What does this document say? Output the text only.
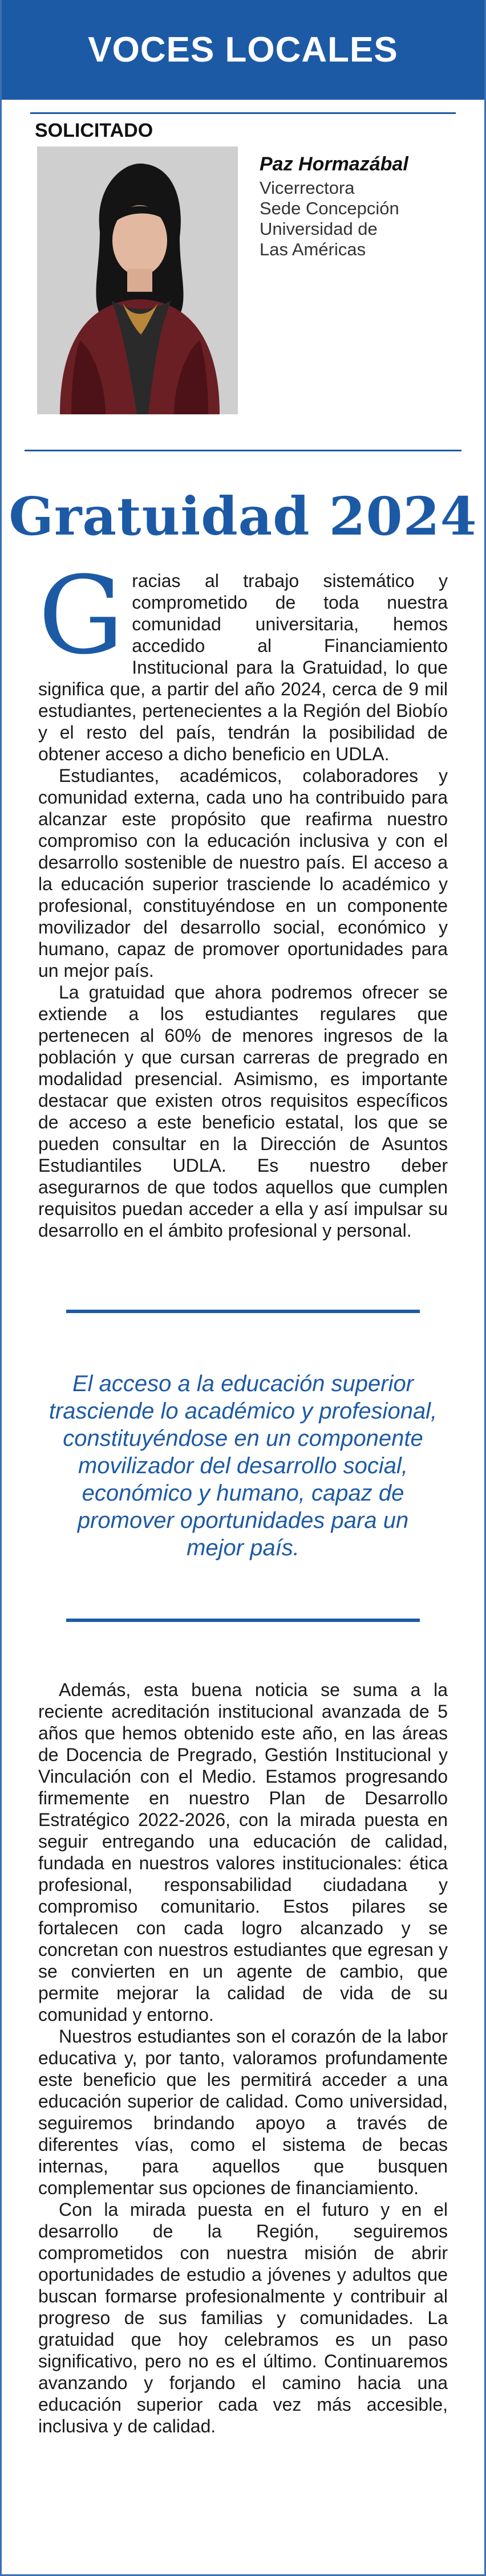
VOCES LOCALES
SOLICITADO
Paz Hormazábal
Vicerrectora
Sede Concepción
Universidad de
Las Américas
Gratuidad 2024

Gracias al trabajo sistemático y comprometido de toda nuestra comunidad universitaria, hemos accedido al Financiamiento Institucional para la Gratuidad, lo que significa que, a partir del año 2024, cerca de 9 mil estudiantes, pertenecientes a la Región del Biobío y el resto del país, tendrán la posibilidad de obtener acceso a dicho beneficio en UDLA.

Estudiantes, académicos, colaboradores y comunidad externa, cada uno ha contribuido para alcanzar este propósito que reafirma nuestro compromiso con la educación inclusiva y con el desarrollo sostenible de nuestro país. El acceso a la educación superior trasciende lo académico y profesional, constituyéndose en un componente movilizador del desarrollo social, económico y humano, capaz de promover oportunidades para un mejor país.

La gratuidad que ahora podremos ofrecer se extiende a los estudiantes regulares que pertenecen al 60% de menores ingresos de la población y que cursan carreras de pregrado en modalidad presencial. Asimismo, es importante destacar que existen otros requisitos específicos de acceso a este beneficio estatal, los que se pueden consultar en la Dirección de Asuntos Estudiantiles UDLA. Es nuestro deber asegurarnos de que todos aquellos que cumplen requisitos puedan acceder a ella y así impulsar su desarrollo en el ámbito profesional y personal.

El acceso a la educación superior trasciende lo académico y profesional, constituyéndose en un componente movilizador del desarrollo social, económico y humano, capaz de promover oportunidades para un mejor país.

Además, esta buena noticia se suma a la reciente acreditación institucional avanzada de 5 años que hemos obtenido este año, en las áreas de Docencia de Pregrado, Gestión Institucional y Vinculación con el Medio. Estamos progresando firmemente en nuestro Plan de Desarrollo Estratégico 2022-2026, con la mirada puesta en seguir entregando una educación de calidad, fundada en nuestros valores institucionales: ética profesional, responsabilidad ciudadana y compromiso comunitario. Estos pilares se fortalecen con cada logro alcanzado y se concretan con nuestros estudiantes que egresan y se convierten en un agente de cambio, que permite mejorar la calidad de vida de su comunidad y entorno.

Nuestros estudiantes son el corazón de la labor educativa y, por tanto, valoramos profundamente este beneficio que les permitirá acceder a una educación superior de calidad. Como universidad, seguiremos brindando apoyo a través de diferentes vías, como el sistema de becas internas, para aquellos que busquen complementar sus opciones de financiamiento.

Con la mirada puesta en el futuro y en el desarrollo de la Región, seguiremos comprometidos con nuestra misión de abrir oportunidades de estudio a jóvenes y adultos que buscan formarse profesionalmente y contribuir al progreso de sus familias y comunidades. La gratuidad que hoy celebramos es un paso significativo, pero no es el último. Continuaremos avanzando y forjando el camino hacia una educación superior cada vez más accesible, inclusiva y de calidad.
